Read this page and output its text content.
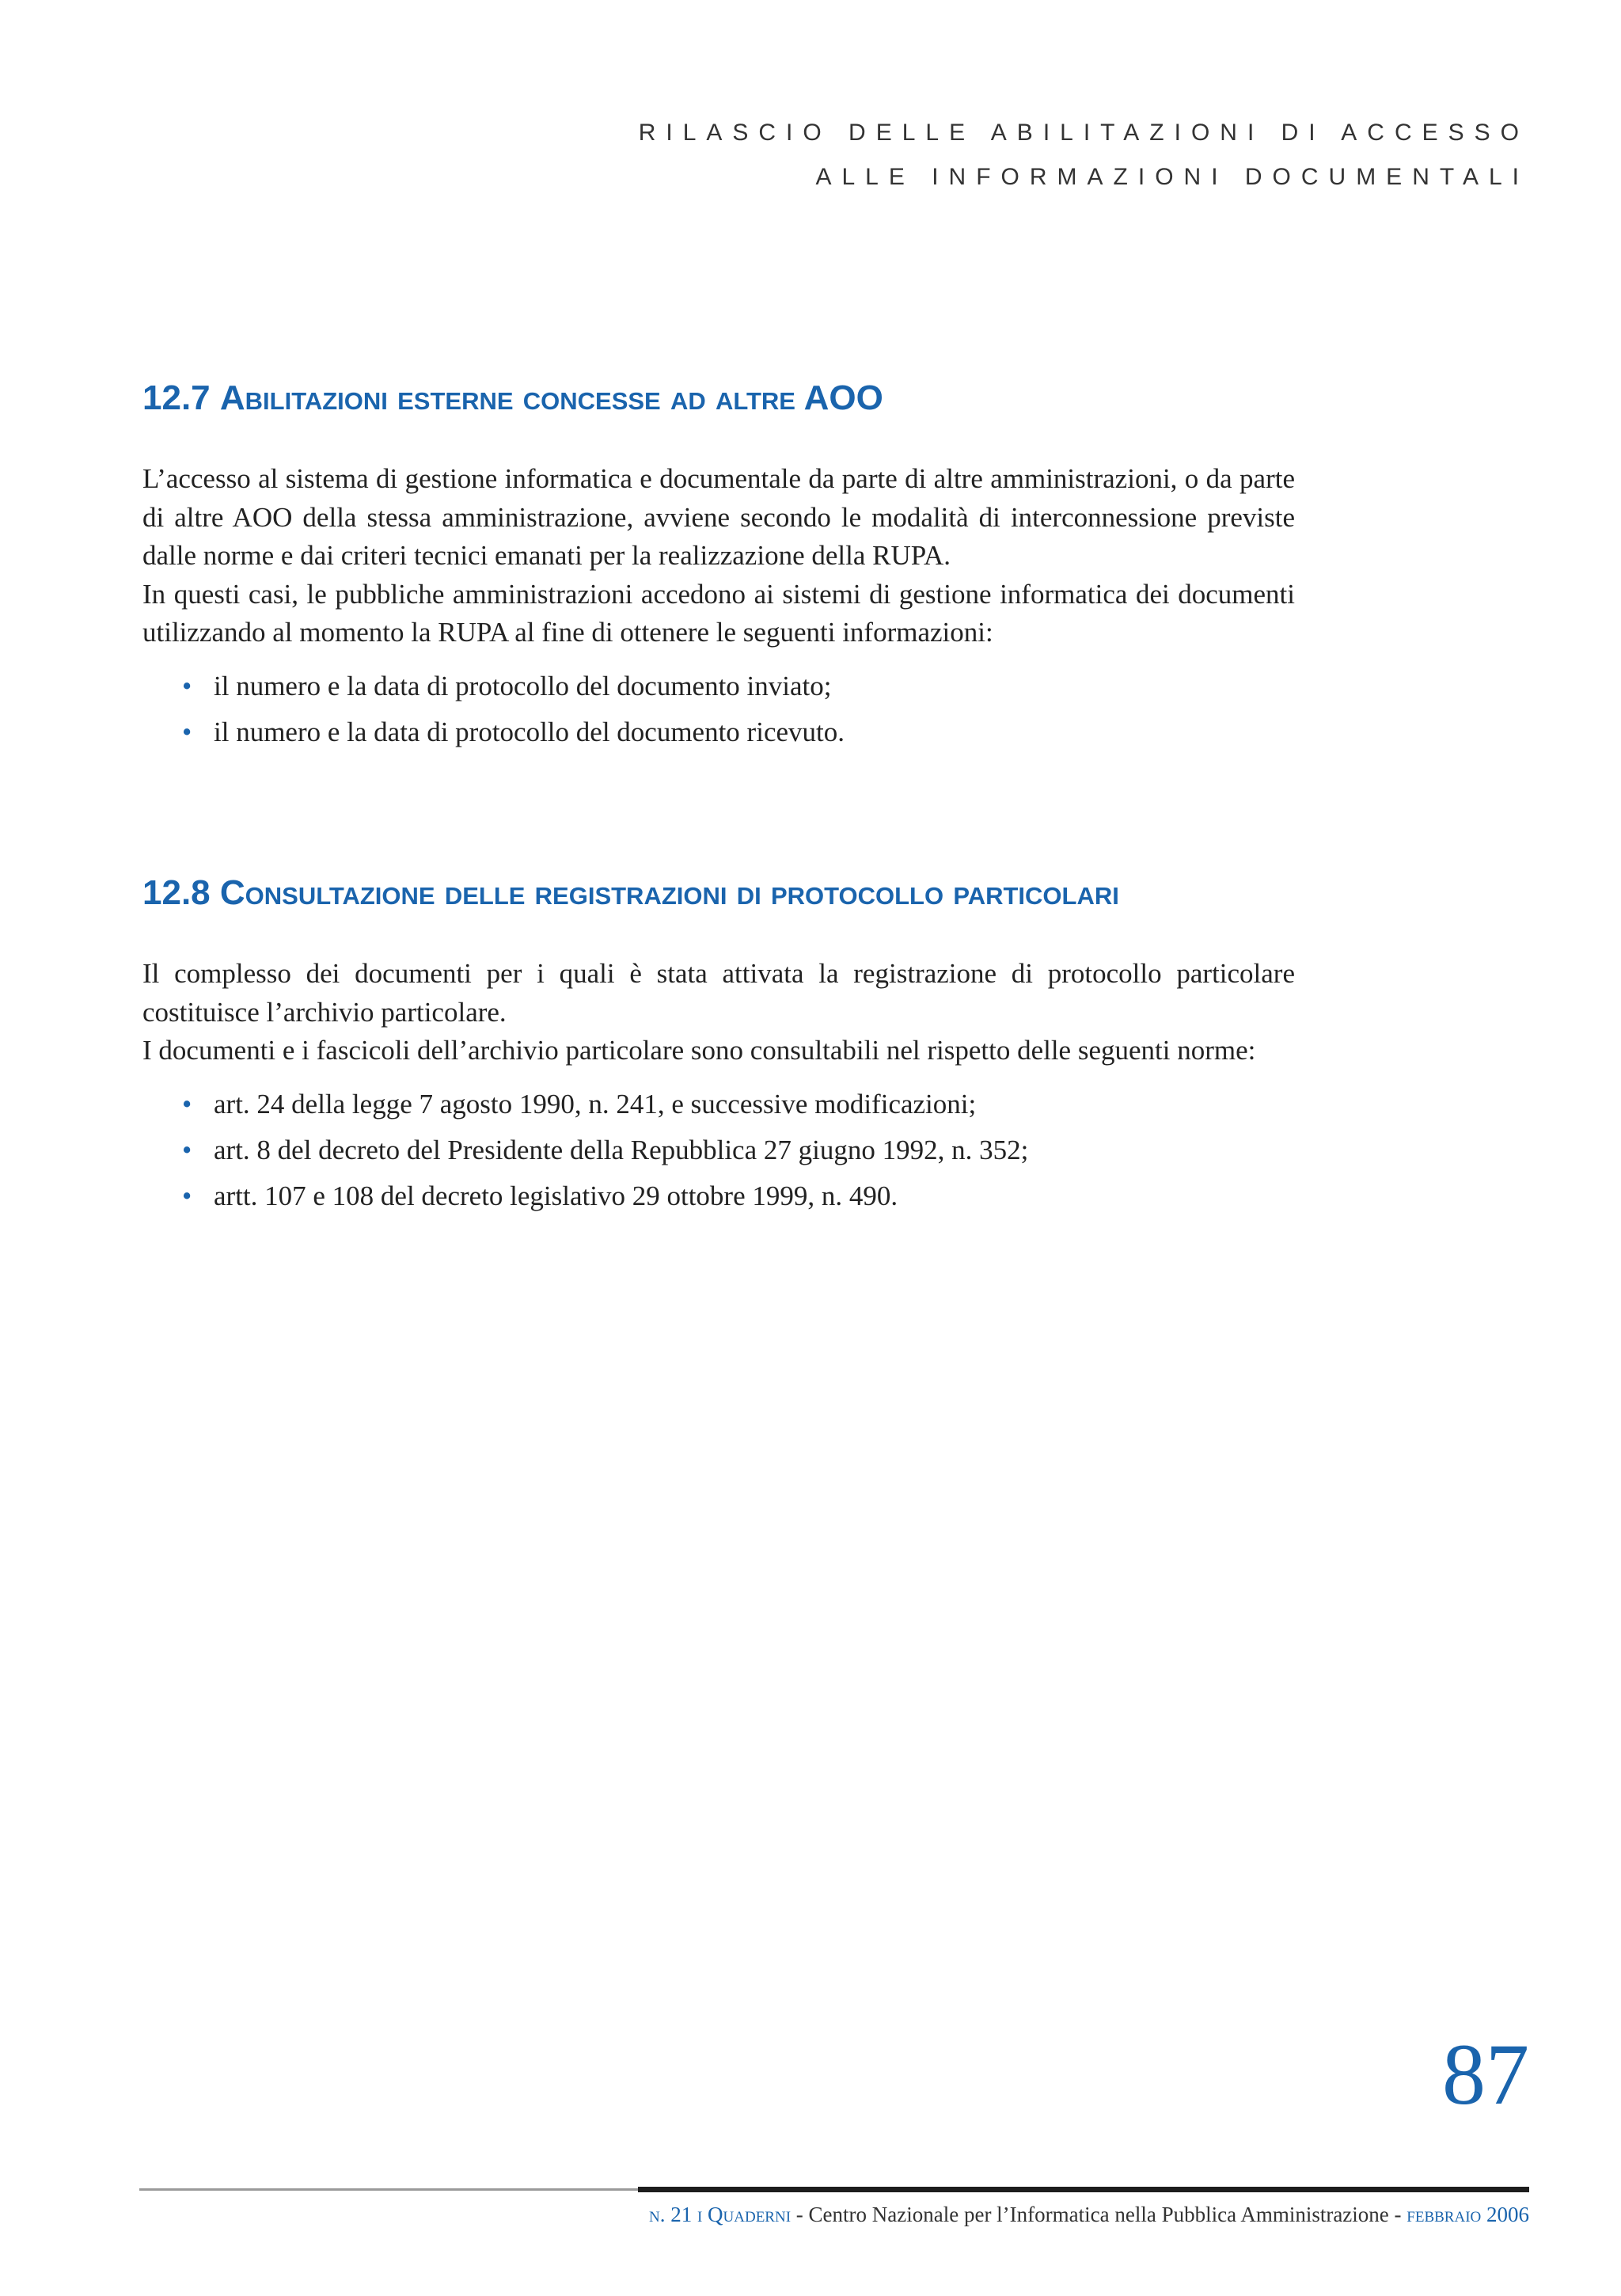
RILASCIO DELLE ABILITAZIONI DI ACCESSO
ALLE INFORMAZIONI DOCUMENTALI
12.7 Abilitazioni esterne concesse ad altre AOO

L’accesso al sistema di gestione informatica e documentale da parte di altre amministrazioni, o da parte di altre AOO della stessa amministrazione, avviene secondo le modalità di interconnessione previste dalle norme e dai criteri tecnici emanati per la realizzazione della RUPA.

In questi casi, le pubbliche amministrazioni accedono ai sistemi di gestione informatica dei documenti utilizzando al momento la RUPA al fine di ottenere le seguenti informazioni:

• il numero e la data di protocollo del documento inviato;
• il numero e la data di protocollo del documento ricevuto.
12.8 Consultazione delle registrazioni di protocollo particolari

Il complesso dei documenti per i quali è stata attivata la registrazione di protocollo particolare costituisce l’archivio particolare.

I documenti e i fascicoli dell’archivio particolare sono consultabili nel rispetto delle seguenti norme:

• art. 24 della legge 7 agosto 1990, n. 241, e successive modificazioni;
• art. 8 del decreto del Presidente della Repubblica 27 giugno 1992, n. 352;
• artt. 107 e 108 del decreto legislativo 29 ottobre 1999, n. 490.
87
n. 21 i Quaderni - Centro Nazionale per l’Informatica nella Pubblica Amministrazione - febbraio 2006
